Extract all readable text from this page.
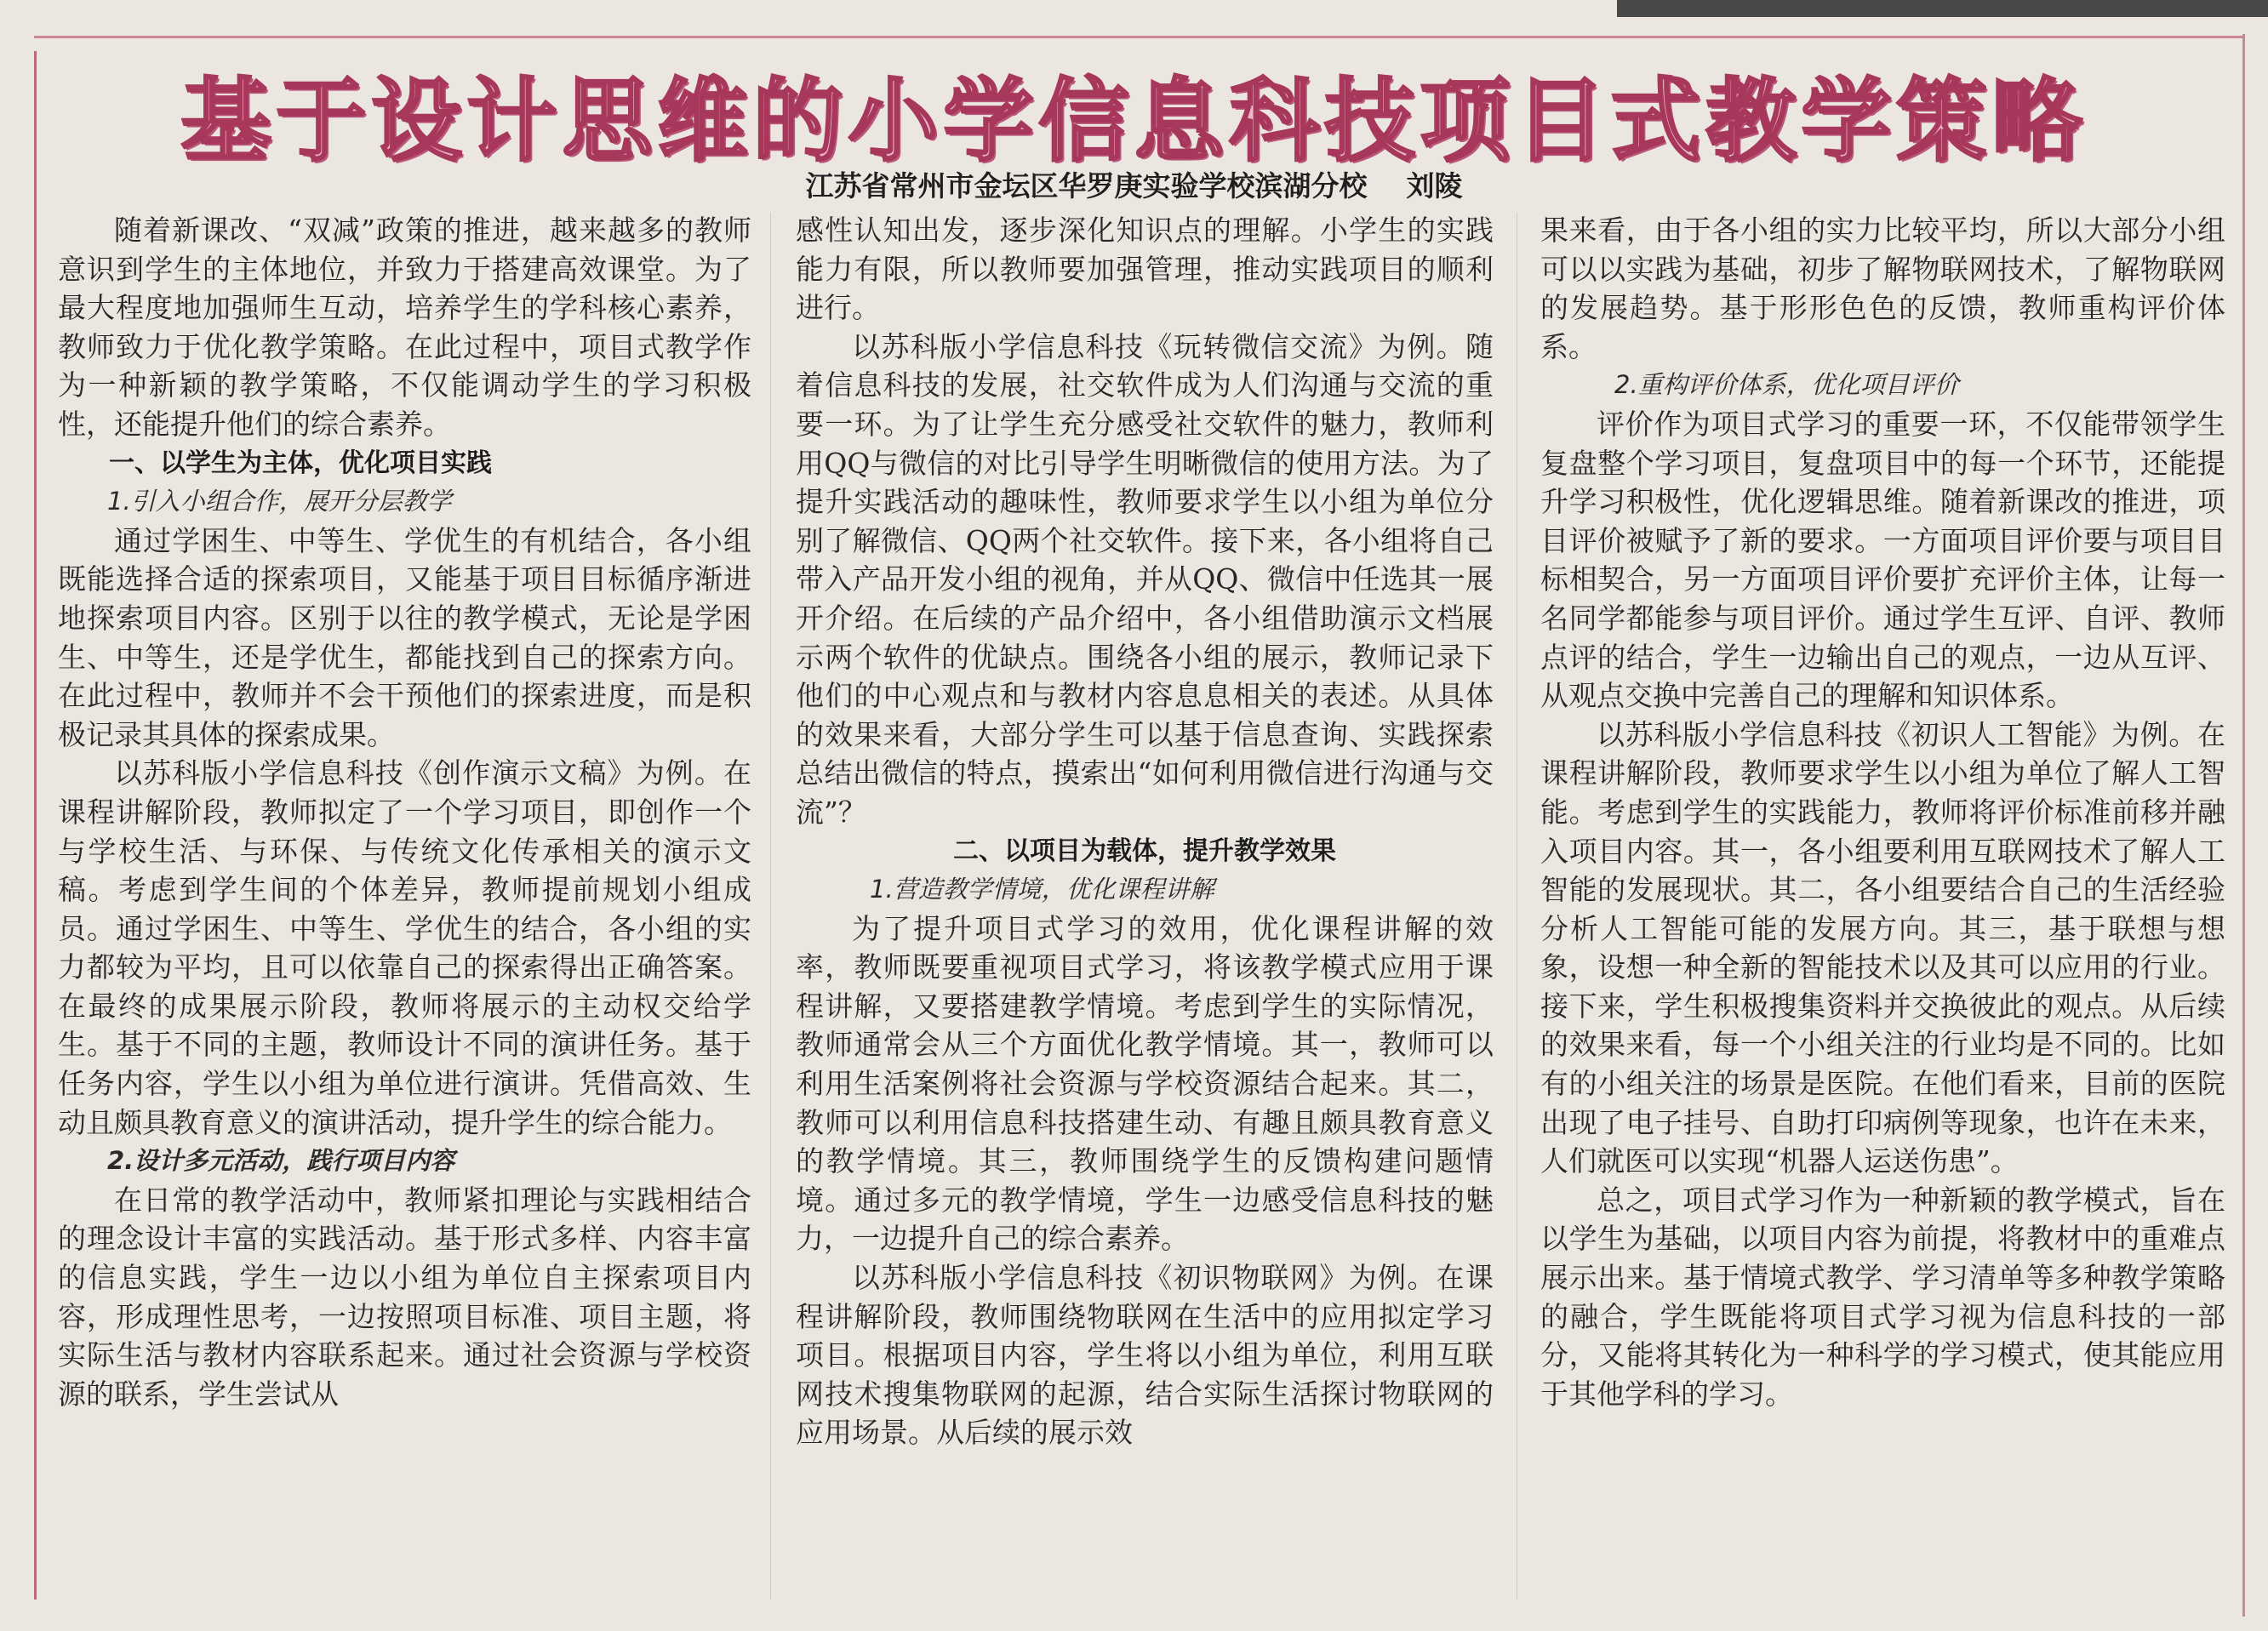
基于设计思维的小学信息科技项目式教学策略
江苏省常州市金坛区华罗庚实验学校滨湖分校    刘陵

随着新课改、“双减”政策的推进，越来越多的教师意识到学生的主体地位，并致力于搭建高效课堂。为了最大程度地加强师生互动，培养学生的学科核心素养，教师致力于优化教学策略。在此过程中，项目式教学作为一种新颖的教学策略，不仅能调动学生的学习积极性，还能提升他们的综合素养。

一、以学生为主体，优化项目实践
1.引入小组合作，展开分层教学

通过学困生、中等生、学优生的有机结合，各小组既能选择合适的探索项目，又能基于项目目标循序渐进地探索项目内容。区别于以往的教学模式，无论是学困生、中等生，还是学优生，都能找到自己的探索方向。在此过程中，教师并不会干预他们的探索进度，而是积极记录其具体的探索成果。

以苏科版小学信息科技《创作演示文稿》为例。在课程讲解阶段，教师拟定了一个学习项目，即创作一个与学校生活、与环保、与传统文化传承相关的演示文稿。考虑到学生间的个体差异，教师提前规划小组成员。通过学困生、中等生、学优生的结合，各小组的实力都较为平均，且可以依靠自己的探索得出正确答案。在最终的成果展示阶段，教师将展示的主动权交给学生。基于不同的主题，教师设计不同的演讲任务。基于任务内容，学生以小组为单位进行演讲。凭借高效、生动且颇具教育意义的演讲活动，提升学生的综合能力。

2.设计多元活动，践行项目内容

在日常的教学活动中，教师紧扣理论与实践相结合的理念设计丰富的实践活动。基于形式多样、内容丰富的信息实践，学生一边以小组为单位自主探索项目内容，形成理性思考，一边按照项目标准、项目主题，将实际生活与教材内容联系起来。通过社会资源与学校资源的联系，学生尝试从

感性认知出发，逐步深化知识点的理解。小学生的实践能力有限，所以教师要加强管理，推动实践项目的顺利进行。

以苏科版小学信息科技《玩转微信交流》为例。随着信息科技的发展，社交软件成为人们沟通与交流的重要一环。为了让学生充分感受社交软件的魅力，教师利用QQ与微信的对比引导学生明晰微信的使用方法。为了提升实践活动的趣味性，教师要求学生以小组为单位分别了解微信、QQ两个社交软件。接下来，各小组将自己带入产品开发小组的视角，并从QQ、微信中任选其一展开介绍。在后续的产品介绍中，各小组借助演示文档展示两个软件的优缺点。围绕各小组的展示，教师记录下他们的中心观点和与教材内容息息相关的表述。从具体的效果来看，大部分学生可以基于信息查询、实践探索总结出微信的特点，摸索出“如何利用微信进行沟通与交流”？

二、以项目为载体，提升教学效果
1.营造教学情境，优化课程讲解

为了提升项目式学习的效用，优化课程讲解的效率，教师既要重视项目式学习，将该教学模式应用于课程讲解，又要搭建教学情境。考虑到学生的实际情况，教师通常会从三个方面优化教学情境。其一，教师可以利用生活案例将社会资源与学校资源结合起来。其二，教师可以利用信息科技搭建生动、有趣且颇具教育意义的教学情境。其三，教师围绕学生的反馈构建问题情境。通过多元的教学情境，学生一边感受信息科技的魅力，一边提升自己的综合素养。

以苏科版小学信息科技《初识物联网》为例。在课程讲解阶段，教师围绕物联网在生活中的应用拟定学习项目。根据项目内容，学生将以小组为单位，利用互联网技术搜集物联网的起源，结合实际生活探讨物联网的应用场景。从后续的展示效

果来看，由于各小组的实力比较平均，所以大部分小组可以以实践为基础，初步了解物联网技术，了解物联网的发展趋势。基于形形色色的反馈，教师重构评价体系。

2.重构评价体系，优化项目评价

评价作为项目式学习的重要一环，不仅能带领学生复盘整个学习项目，复盘项目中的每一个环节，还能提升学习积极性，优化逻辑思维。随着新课改的推进，项目评价被赋予了新的要求。一方面项目评价要与项目目标相契合，另一方面项目评价要扩充评价主体，让每一名同学都能参与项目评价。通过学生互评、自评、教师点评的结合，学生一边输出自己的观点，一边从互评、从观点交换中完善自己的理解和知识体系。

以苏科版小学信息科技《初识人工智能》为例。在课程讲解阶段，教师要求学生以小组为单位了解人工智能。考虑到学生的实践能力，教师将评价标准前移并融入项目内容。其一，各小组要利用互联网技术了解人工智能的发展现状。其二，各小组要结合自己的生活经验分析人工智能可能的发展方向。其三，基于联想与想象，设想一种全新的智能技术以及其可以应用的行业。接下来，学生积极搜集资料并交换彼此的观点。从后续的效果来看，每一个小组关注的行业均是不同的。比如有的小组关注的场景是医院。在他们看来，目前的医院出现了电子挂号、自助打印病例等现象，也许在未来，人们就医可以实现“机器人运送伤患”。

总之，项目式学习作为一种新颖的教学模式，旨在以学生为基础，以项目内容为前提，将教材中的重难点展示出来。基于情境式教学、学习清单等多种教学策略的融合，学生既能将项目式学习视为信息科技的一部分，又能将其转化为一种科学的学习模式，使其能应用于其他学科的学习。
